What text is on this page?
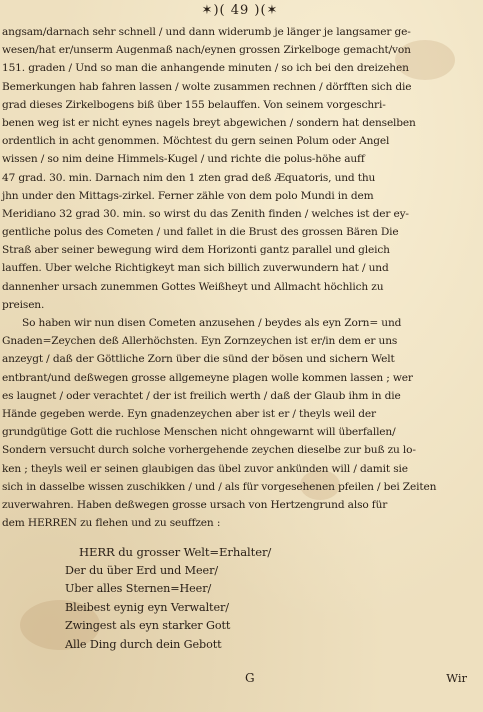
✶)( 49 )(✶
angsam/darnach sehr schnell / und dann widerumb je länger je langsamer ge-
wesen/hat er/unserm Augenmaß nach/eynen grossen Zirkelboge gemacht/von
151. graden / Und so man die anhangende minuten / so ich bei den dreizehen
Bemerkungen hab fahren lassen / wolte zusammen rechnen / dörfften sich die
grad dieses Zirkelbogens biß über 155 belauffen. Von seinem vorgeschri-
benen weg ist er nicht eynes nagels breyt abgewichen / sondern hat denselben
ordentlich in acht genommen. Möchtest du gern seinen Polum oder Angel
wissen / so nim deine Himmels-Kugel / und richte die polus-höhe auff
47 grad. 30. min. Darnach nim den 1 zten grad deß Æquatoris, und thu
jhn under den Mittags-zirkel. Ferner zähle von dem polo Mundi in dem
Meridiano 32 grad 30. min. so wirst du das Zenith finden / welches ist der ey-
gentliche polus des Cometen / und fallet in die Brust des grossen Bären Die
Straß aber seiner bewegung wird dem Horizonti gantz parallel und gleich
lauffen. Uber welche Richtigkeyt man sich billich zuverwundern hat / und
dannenher ursach zunemmen Gottes Weißheyt und Allmacht höchlich zu
preisen.
So haben wir nun disen Cometen anzusehen / beydes als eyn Zorn= und
Gnaden=Zeychen deß Allerhöchsten. Eyn Zornzeychen ist er/in dem er uns
anzeygt / daß der Göttliche Zorn über die sünd der bösen und sichern Welt
entbrant/und deßwegen grosse allgemeyne plagen wolle kommen lassen ; wer
es laugnet / oder verachtet / der ist freilich werth / daß der Glaub ihm in die
Hände gegeben werde. Eyn gnadenzeychen aber ist er / theyls weil der
grundgütige Gott die ruchlose Menschen nicht ohngewarnt will überfallen/
Sondern versucht durch solche vorhergehende zeychen dieselbe zur buß zu lo-
ken ; theyls weil er seinen glaubigen das übel zuvor ankünden will / damit sie
sich in dasselbe wissen zuschikken / und / als für vorgesehenen pfeilen / bei Zeiten
zuverwahren. Haben deßwegen grosse ursach von Hertzengrund also für
dem HERREN zu flehen und zu seuffzen :
HERR du grosser Welt=Erhalter/
Der du über Erd und Meer/
Uber alles Sternen=Heer/
Bleibest eynig eyn Verwalter/
Zwingest als eyn starker Gott
Alle Ding durch dein Gebott
G	Wir
